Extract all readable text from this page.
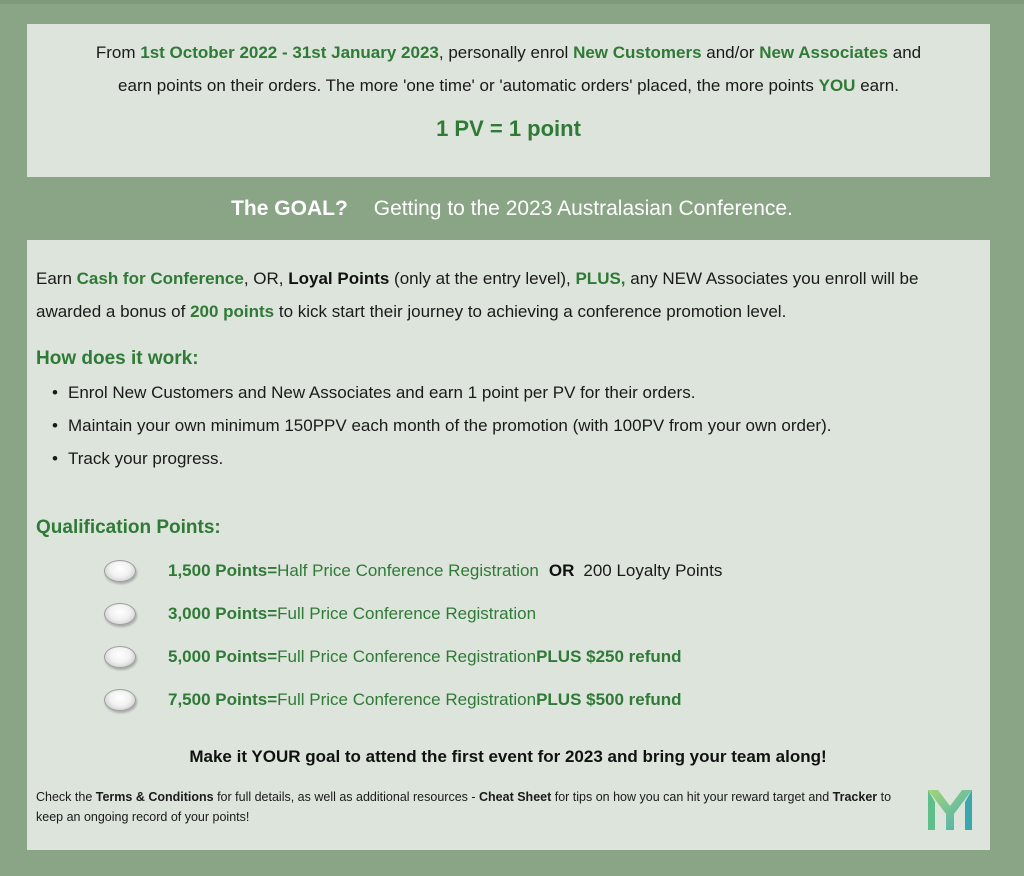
From 1st October 2022 - 31st January 2023, personally enrol New Customers and/or New Associates and

earn points on their orders. The more 'one time' or 'automatic orders' placed, the more points YOU earn.

1 PV = 1 point

The GOAL? Getting to the 2023 Australasian Conference.

Earn Cash for Conference, OR, Loyal Points (only at the entry level), PLUS, any NEW Associates you enroll will be awarded a bonus of 200 points to kick start their journey to achieving a conference promotion level.

How does it work:
• Enrol New Customers and New Associates and earn 1 point per PV for their orders.
• Maintain your own minimum 150PPV each month of the promotion (with 100PV from your own order).
• Track your progress.
Qualification Points:
1,500 Points = Half Price Conference Registration OR 200 Loyalty Points
3,000 Points = Full Price Conference Registration
5,000 Points = Full Price Conference Registration PLUS $250 refund
7,500 Points = Full Price Conference Registration PLUS $500 refund

Make it YOUR goal to attend the first event for 2023 and bring your team along!

Check the Terms & Conditions for full details, as well as additional resources - Cheat Sheet for tips on how you can hit your reward target and Tracker to keep an ongoing record of your points!
